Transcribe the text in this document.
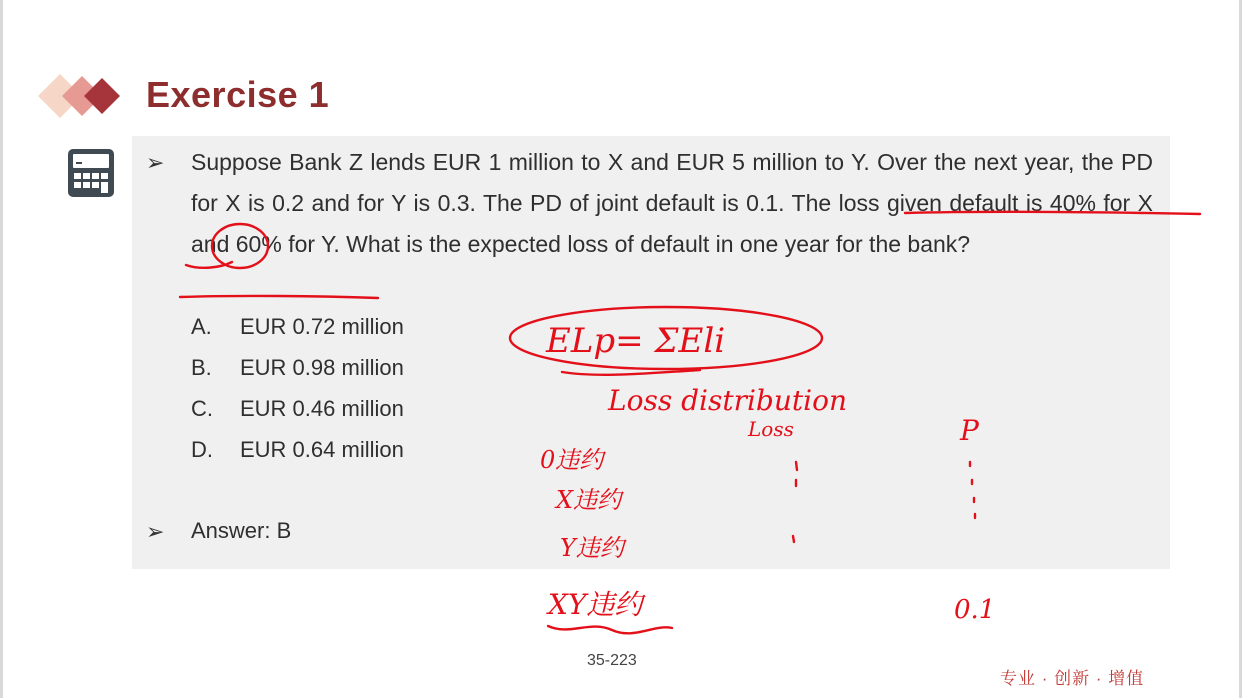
Exercise 1
➢ Suppose Bank Z lends EUR 1 million to X and EUR 5 million to Y. Over the next year, the PD for X is 0.2 and for Y is 0.3. The PD of joint default is 0.1. The loss given default is 40% for X and 60% for Y. What is the expected loss of default in one year for the bank?
A. EUR 0.72 million
B. EUR 0.98 million
C. EUR 0.46 million
D. EUR 0.64 million
➢ Answer: B
35-223
专业 · 创新 · 增值
ELp= ΣEli
Loss distribution
Loss	P
0违约
X违约
Y违约
XY违约	0.1
